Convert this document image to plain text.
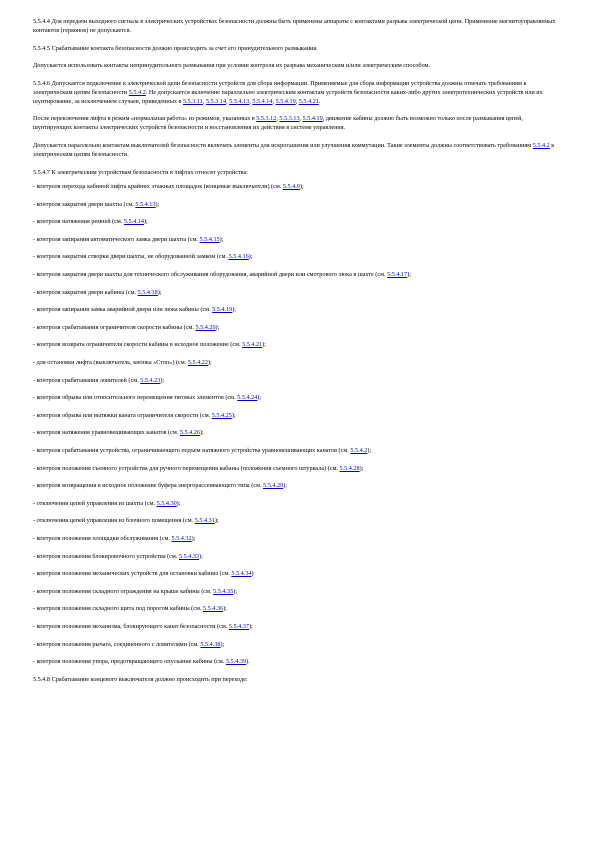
5.5.4.4 Для передачи выходного сигнала в электрических устройствах безопасности должны быть применены аппараты с контактами разрыва электрической цепи. Применение магнитоуправляемых контактов (герконов) не допускается.
5.5.4.5 Срабатывание контакта безопасности должно происходить за счет его принудительного размыкания.
Допускается использовать контакты непринудительного размыкания при условии контроля их разрыва механическим и/или электрическим способом.
5.5.4.6 Допускается подключение к электрической цепи безопасности устройств для сбора информации. Применяемые для сбора информации устройства должны отвечать требованиям к электрическим цепям безопасности 5.5.4.2. Не допускается включение параллельно электрическим контактам устройств безопасности каких-либо других электротехнических устройств или их шунтирование, за исключением случаев, приведенных в 5.5.3.11, 5.5.3.14, 5.5.4.13, 5.5.4.14, 5.5.4.19, 5.5.4.21.
После переключения лифта в режим «нормальная работа» из режимов, указанных в 5.5.3.12, 5.5.3.13, 5.5.4.19, движение кабины должно быть возможно только после размыкания цепей, шунтирующих контакты электрических устройств безопасности и восстановления их действия в системе управления.
Допускается параллельно контактам выключателей безопасности включать элементы для искрогашения или улучшения коммутации. Такие элементы должны соответствовать требованиям 5.5.4.2 к электрическим цепям безопасности.
5.5.4.7 К электрическим устройствам безопасности в лифтах относят устройства:
- контроля перехода кабиной лифта крайних этажных площадок (концевые выключатели) (см. 5.5.4.9);
- контроля закрытия двери шахты (см. 5.5.4.13);
- контроля натяжения ремней (см. 5.5.4.14);
- контроля запирания автоматического замка двери шахты (см. 5.5.4.15);
- контроля закрытия створки двери шахты, не оборудованной замком (см. 5.5.4.16);
- контроля закрытия двери шахты для технического обслуживания оборудования, аварийной двери или смотрового люка в шахте (см. 5.5.4.17);
- контроля закрытия двери кабины (см. 5.5.4.18);
- контроля запирания замка аварийной двери или люка кабины (см. 5.5.4.19);
- контроля срабатывания ограничителя скорости кабины (см. 5.5.4.20);
- контроля возврата ограничителя скорости кабины в исходное положение (см. 5.5.4.21);
- для остановки лифта (выключатель, кнопка «Стоп») (см. 5.5.4.22);
- контроля срабатывания ловителей (см. 5.5.4.23);
- контроля обрыва или относительного перемещения тяговых элементов (см. 5.5.4.24);
- контроля обрыва или вытяжки каната ограничителя скорости (см. 5.5.4.25);
- контроля натяжения уравновешивающих канатов (см. 5.5.4.26);
- контроля срабатывания устройства, ограничивающего подъем натяжного устройства уравновешивающих канатов (см. 5.5.4.2);
- контроля положения съемного устройства для ручного перемещения кабины (положения съемного штурвала) (см. 5.5.4.28);
- контроля возвращения в исходное положение буфера энергорассеивающего типа (см. 5.5.4.29);
- отключения цепей управления из шахты (см. 5.5.4.30);
- отключения цепей управления из блочного помещения (см. 5.5.4.31);
- контроля положения площадки обслуживания (см. 5.5.4.32);
- контроля положения блокировочного устройства (см. 5.5.4.33);
- контроля положения механических устройств для остановки кабины (см. 5.5.4.34)
- контроля положения складного ограждения на крыше кабины (см. 5.5.4.35);
- контроля положения складного щита под порогом кабины (см. 5.5.4.36);
- контроля положения механизма, блокирующего канат безопасности (см. 5.5.4.37);
- контроля положения рычага, соединенного с ловителями (см. 5.5.4.38);
- контроля положения упора, предотвращающего опускание кабины (см. 5.5.4.39).
5.5.4.8 Срабатывание концевого выключателя должно происходить при переходе:
